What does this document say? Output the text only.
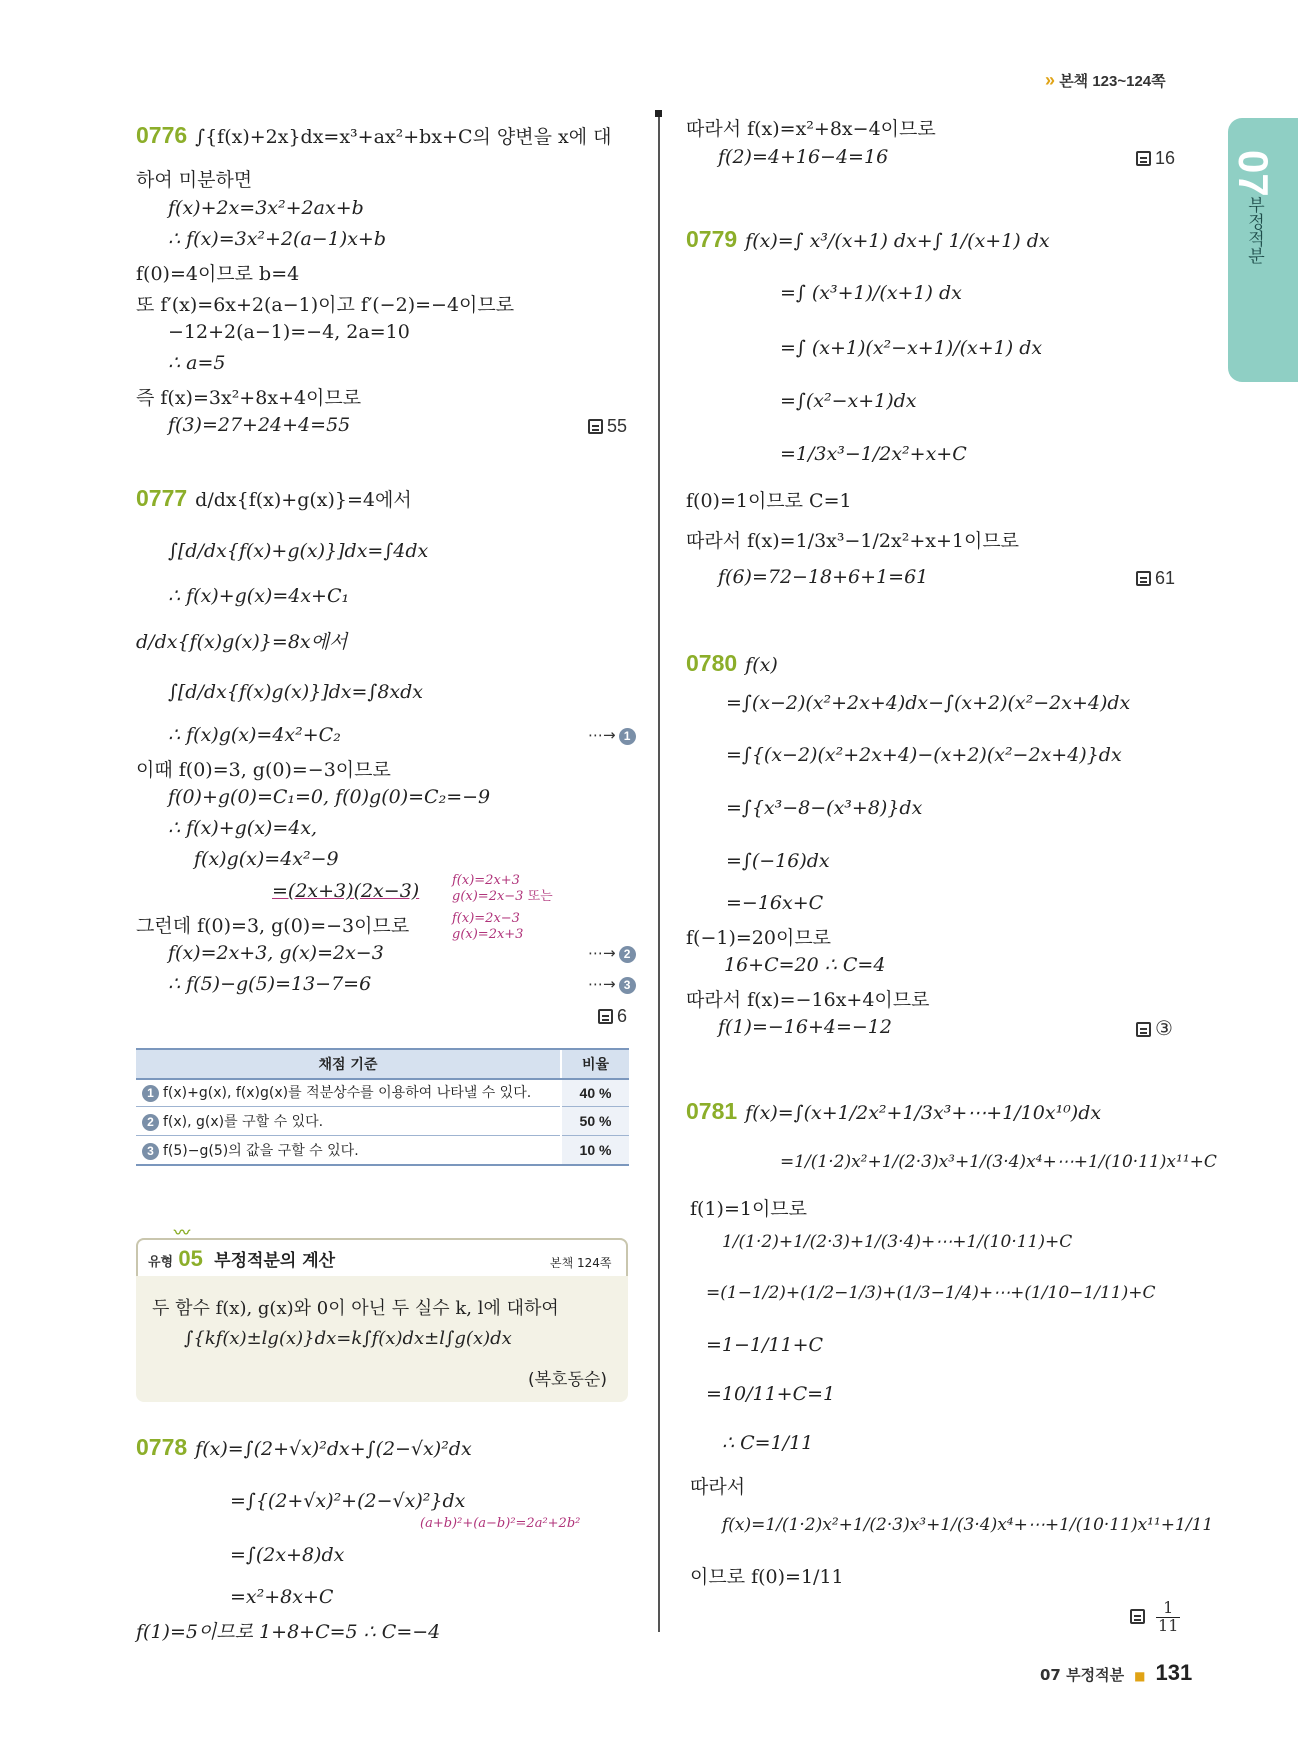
» 본책 123~124쪽
07
부정적분
0776 ∫{f(x)+2x}dx=x³+ax²+bx+C의 양변을 x에 대
하여 미분하면
f(x)+2x=3x²+2ax+b
∴ f(x)=3x²+2(a−1)x+b
f(0)=4이므로 b=4
또 f′(x)=6x+2(a−1)이고 f′(−2)=−4이므로
−12+2(a−1)=−4, 2a=10
∴ a=5
즉 f(x)=3x²+8x+4이므로
f(3)=27+24+4=55	55
0777 d/dx{f(x)+g(x)}=4에서
∫[d/dx{f(x)+g(x)}]dx=∫4dx
∴ f(x)+g(x)=4x+C₁
d/dx{f(x)g(x)}=8x에서
∫[d/dx{f(x)g(x)}]dx=∫8xdx
∴ f(x)g(x)=4x²+C₂	⋯→ 1
이때 f(0)=3, g(0)=−3이므로
f(0)+g(0)=C₁=0, f(0)g(0)=C₂=−9
∴ f(x)+g(x)=4x,
f(x)g(x)=4x²−9
=(2x+3)(2x−3)	f(x)=2x+3
g(x)=2x−3 또는
f(x)=2x−3
g(x)=2x+3
그런데 f(0)=3, g(0)=−3이므로
f(x)=2x+3, g(x)=2x−3	⋯→ 2
∴ f(5)−g(5)=13−7=6	⋯→ 3
6
채점 기준	비율
1 f(x)+g(x), f(x)g(x)를 적분상수를 이용하여 나타낼 수 있다.	40 %
2 f(x), g(x)를 구할 수 있다.	50 %
3 f(5)−g(5)의 값을 구할 수 있다.	10 %
〰
유형 05 부정적분의 계산	본책 124쪽
두 함수 f(x), g(x)와 0이 아닌 두 실수 k, l에 대하여
∫{kf(x)±lg(x)}dx=k∫f(x)dx±l∫g(x)dx
(복호동순)
0778 f(x)=∫(2+√x)²dx+∫(2−√x)²dx
=∫{(2+√x)²+(2−√x)²}dx
(a+b)²+(a−b)²=2a²+2b²
=∫(2x+8)dx
=x²+8x+C
f(1)=5이므로 1+8+C=5 ∴ C=−4
따라서 f(x)=x²+8x−4이므로
f(2)=4+16−4=16	16
0779 f(x)=∫ x³/(x+1) dx+∫ 1/(x+1) dx
=∫ (x³+1)/(x+1) dx
=∫ (x+1)(x²−x+1)/(x+1) dx
=∫(x²−x+1)dx
=1/3x³−1/2x²+x+C
f(0)=1이므로 C=1
따라서 f(x)=1/3x³−1/2x²+x+1이므로
f(6)=72−18+6+1=61	61
0780 f(x)
=∫(x−2)(x²+2x+4)dx−∫(x+2)(x²−2x+4)dx
=∫{(x−2)(x²+2x+4)−(x+2)(x²−2x+4)}dx
=∫{x³−8−(x³+8)}dx
=∫(−16)dx
=−16x+C
f(−1)=20이므로
16+C=20 ∴ C=4
따라서 f(x)=−16x+4이므로
f(1)=−16+4=−12	③
0781 f(x)=∫(x+1/2x²+1/3x³+⋯+1/10x¹⁰)dx
=1/(1·2)x²+1/(2·3)x³+1/(3·4)x⁴+⋯+1/(10·11)x¹¹+C
f(1)=1이므로
1/(1·2)+1/(2·3)+1/(3·4)+⋯+1/(10·11)+C
=(1−1/2)+(1/2−1/3)+(1/3−1/4)+⋯+(1/10−1/11)+C
=1−1/11+C
=10/11+C=1
∴ C=1/11
따라서
f(x)=1/(1·2)x²+1/(2·3)x³+1/(3·4)x⁴+⋯+1/(10·11)x¹¹+1/11
이므로 f(0)=1/11

$\frac{1}{11}$
07 부정적분 ■ 131
